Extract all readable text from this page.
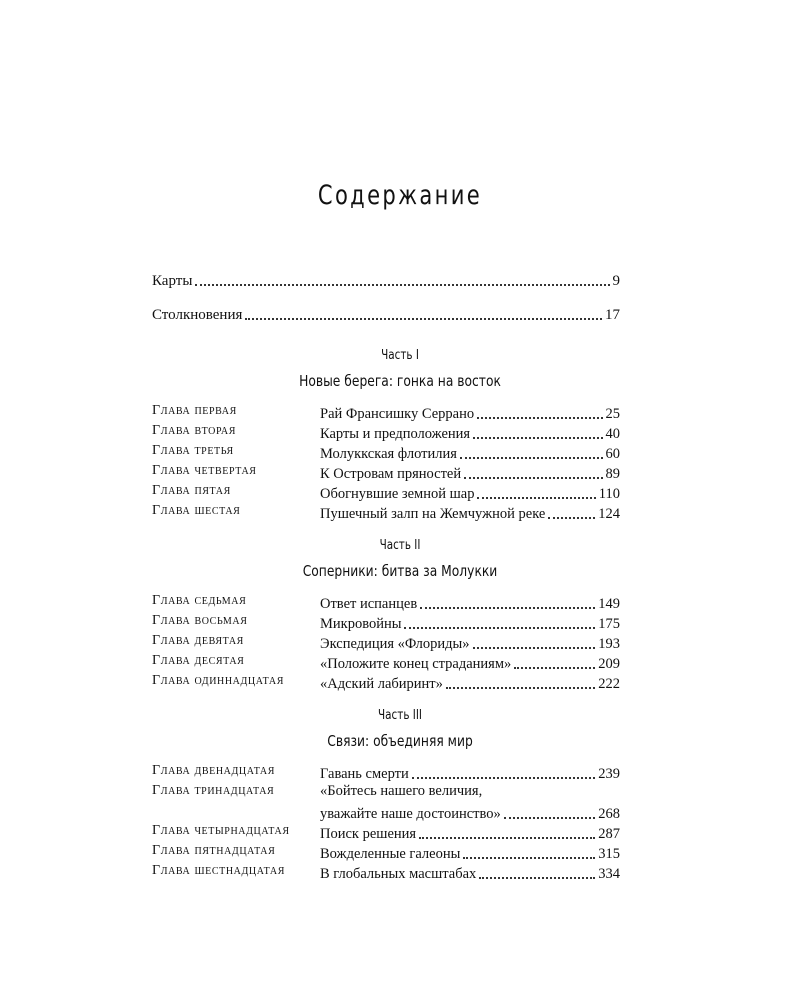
Содержание
Карты	9
Столкновения	17
Часть I
Новые берега: гонка на восток
Глава первая	Рай Франсишку Серрано	25
Глава вторая	Карты и предположения	40
Глава третья	Молуккская флотилия	60
Глава четвертая	К Островам пряностей	89
Глава пятая	Обогнувшие земной шар	110
Глава шестая	Пушечный залп на Жемчужной реке	124
Часть II
Соперники: битва за Молукки
Глава седьмая	Ответ испанцев	149
Глава восьмая	Микровойны	175
Глава девятая	Экспедиция «Флориды»	193
Глава десятая	«Положите конец страданиям»	209
Глава одиннадцатая «Адский лабиринт»	222
Часть III
Связи: объединяя мир
Глава двенадцатая	Гавань смерти	239
Глава тринадцатая	«Бойтесь нашего величия,
уважайте наше достоинство»	268
Глава четырнадцатая Поиск решения	287
Глава пятнадцатая	Вожделенные галеоны	315
Глава шестнадцатая В глобальных масштабах	334
